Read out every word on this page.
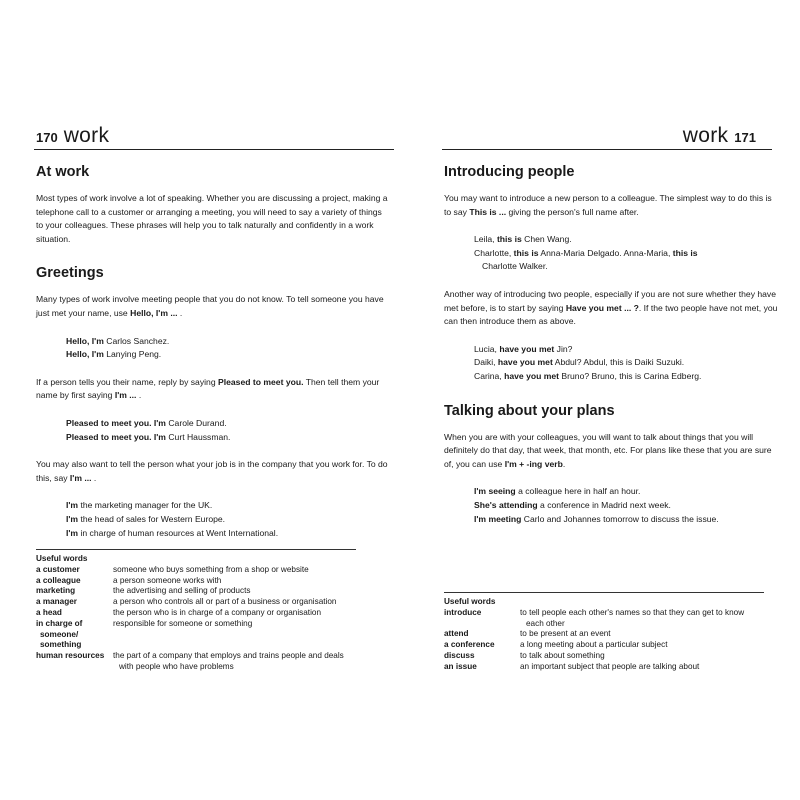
170 work
At work

Most types of work involve a lot of speaking. Whether you are discussing a project, making a telephone call to a customer or arranging a meeting, you will need to say a variety of things to your colleagues. These phrases will help you to talk naturally and confidently in a work situation.

Greetings

Many types of work involve meeting people that you do not know. To tell someone you have just met your name, use Hello, I'm ... .

Hello, I'm Carlos Sanchez.
Hello, I'm Lanying Peng.

If a person tells you their name, reply by saying Pleased to meet you. Then tell them your name by first saying I'm ... .

Pleased to meet you. I'm Carole Durand.
Pleased to meet you. I'm Curt Haussman.

You may also want to tell the person what your job is in the company that you work for. To do this, say I'm ... .

I'm the marketing manager for the UK.
I'm the head of sales for Western Europe.
I'm in charge of human resources at Went International.
Useful words
a customer	someone who buys something from a shop or website
a colleague	a person someone works with
marketing	the advertising and selling of products
a manager	a person who controls all or part of a business or organisation
a head	the person who is in charge of a company or organisation

in charge of
someone/
something	responsible for someone or something
human resources	the part of a company that employs and trains people and deals
with people who have problems
work 171
Introducing people

You may want to introduce a new person to a colleague. The simplest way to do this is to say This is ... giving the person's full name after.

Leila, this is Chen Wang.
Charlotte, this is Anna-Maria Delgado. Anna-Maria, this is
Charlotte Walker.

Another way of introducing two people, especially if you are not sure whether they have met before, is to start by saying Have you met ... ?. If the two people have not met, you can then introduce them as above.

Lucia, have you met Jin?
Daiki, have you met Abdul? Abdul, this is Daiki Suzuki.
Carina, have you met Bruno? Bruno, this is Carina Edberg.
Talking about your plans

When you are with your colleagues, you will want to talk about things that you will definitely do that day, that week, that month, etc. For plans like these that you are sure of, you can use I'm + -ing verb.

I'm seeing a colleague here in half an hour.
She's attending a conference in Madrid next week.
I'm meeting Carlo and Johannes tomorrow to discuss the issue.
Useful words
introduce	to tell people each other's names so that they can get to know
each other

attend	to be present at an event
a conference	a long meeting about a particular subject
discuss	to talk about something
an issue	an important subject that people are talking about
